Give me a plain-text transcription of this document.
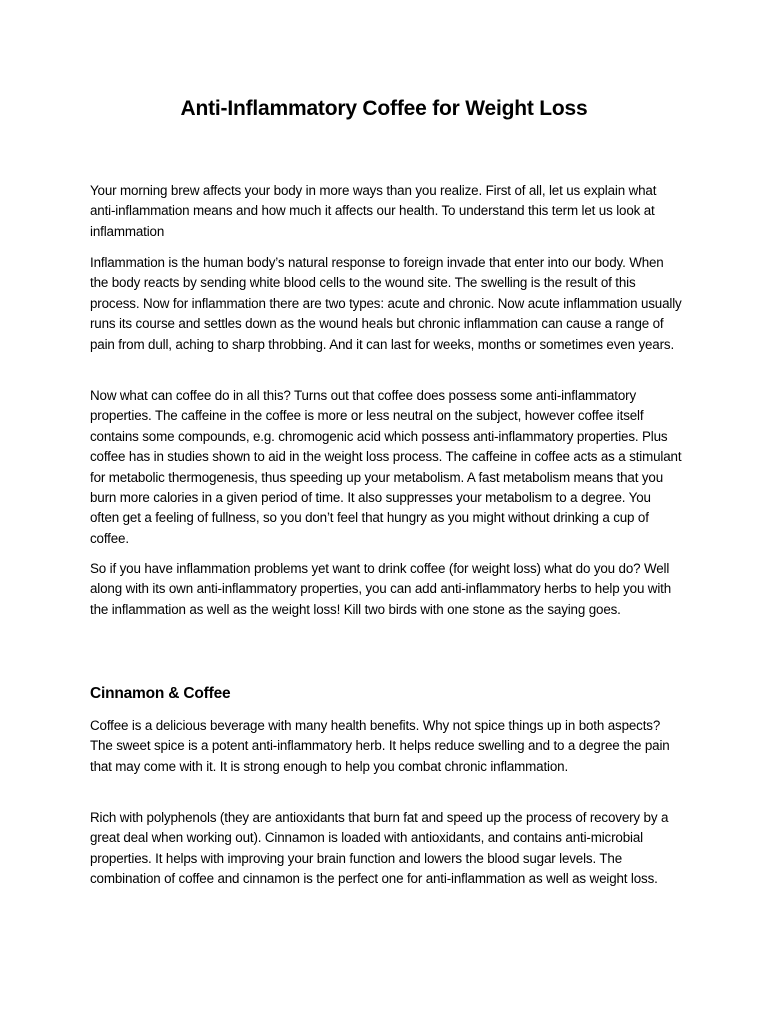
Anti-Inflammatory Coffee for Weight Loss

Your morning brew affects your body in more ways than you realize. First of all, let us explain what anti-inflammation means and how much it affects our health. To understand this term let us look at inflammation

Inflammation is the human body’s natural response to foreign invade that enter into our body. When the body reacts by sending white blood cells to the wound site. The swelling is the result of this process. Now for inflammation there are two types: acute and chronic. Now acute inflammation usually runs its course and settles down as the wound heals but chronic inflammation can cause a range of pain from dull, aching to sharp throbbing. And it can last for weeks, months or sometimes even years.

Now what can coffee do in all this? Turns out that coffee does possess some anti-inflammatory properties. The caffeine in the coffee is more or less neutral on the subject, however coffee itself contains some compounds, e.g. chromogenic acid which possess anti-inflammatory properties. Plus coffee has in studies shown to aid in the weight loss process. The caffeine in coffee acts as a stimulant for metabolic thermogenesis, thus speeding up your metabolism. A fast metabolism means that you burn more calories in a given period of time. It also suppresses your metabolism to a degree. You often get a feeling of fullness, so you don’t feel that hungry as you might without drinking a cup of coffee.

So if you have inflammation problems yet want to drink coffee (for weight loss) what do you do? Well along with its own anti-inflammatory properties, you can add anti-inflammatory herbs to help you with the inflammation as well as the weight loss! Kill two birds with one stone as the saying goes.

Cinnamon & Coffee

Coffee is a delicious beverage with many health benefits. Why not spice things up in both aspects? The sweet spice is a potent anti-inflammatory herb. It helps reduce swelling and to a degree the pain that may come with it. It is strong enough to help you combat chronic inflammation.

Rich with polyphenols (they are antioxidants that burn fat and speed up the process of recovery by a great deal when working out). Cinnamon is loaded with antioxidants, and contains anti-microbial properties. It helps with improving your brain function and lowers the blood sugar levels. The combination of coffee and cinnamon is the perfect one for anti-inflammation as well as weight loss.
